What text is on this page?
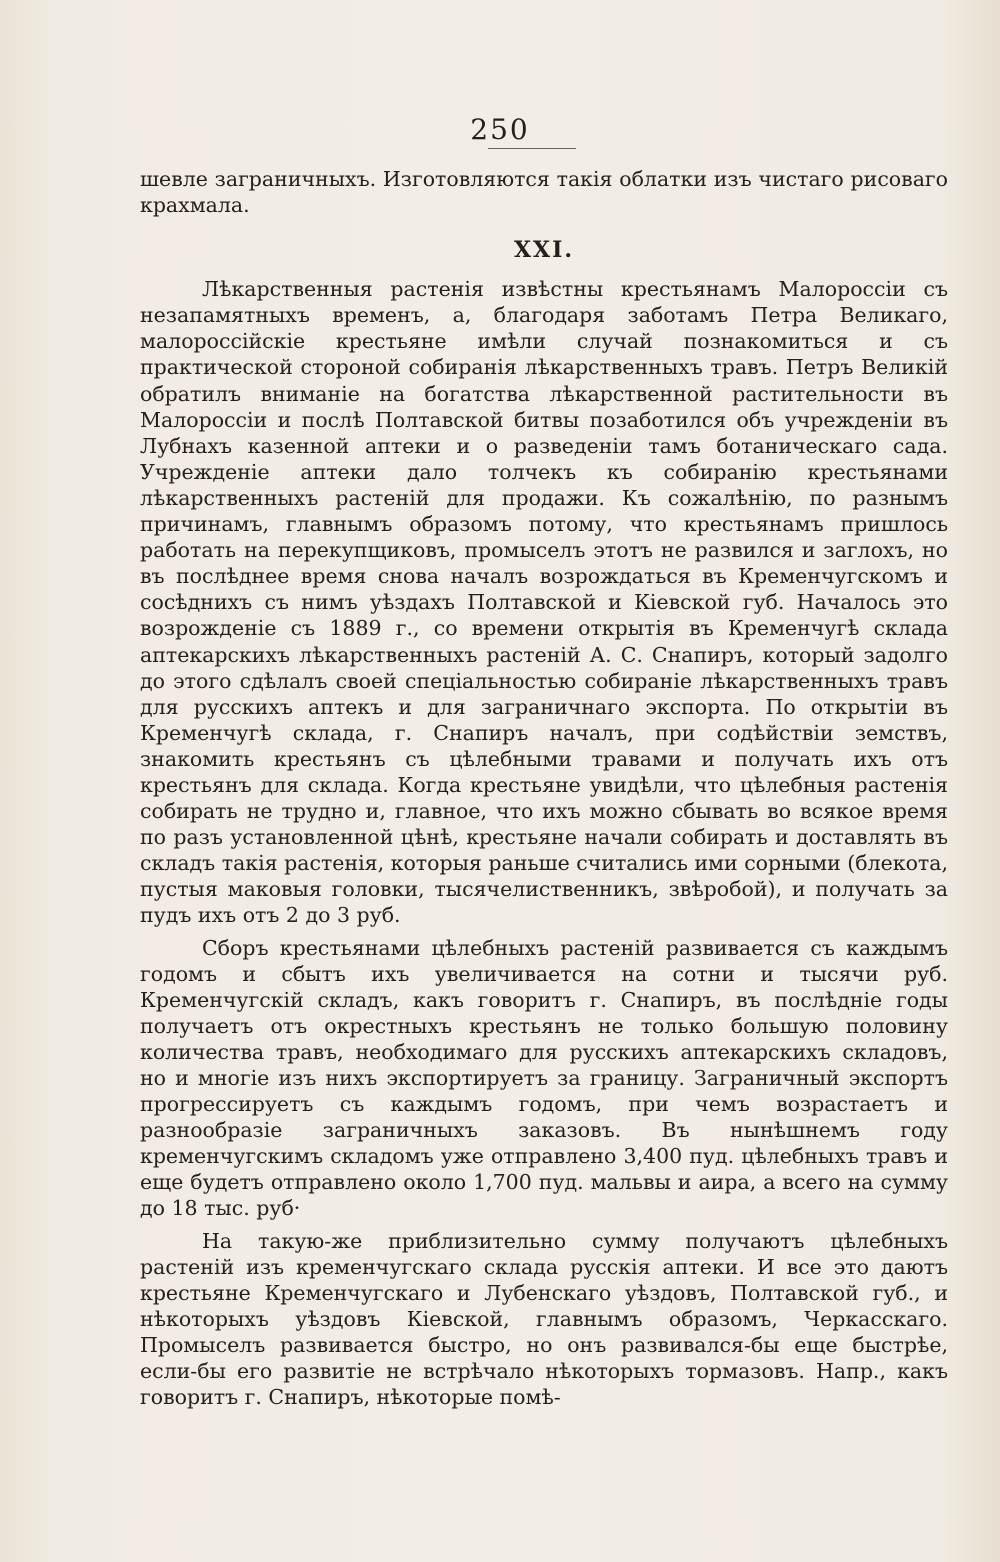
250

шевле заграничныхъ. Изготовляются такія облатки изъ чистаго рисоваго крахмала.

XXI.

Лѣкарственныя растенія извѣстны крестьянамъ Малороссіи съ незапамятныхъ временъ, а, благодаря заботамъ Петра Великаго, малороссійскіе крестьяне имѣли случай познакомиться и съ практической стороной собиранія лѣкарственныхъ травъ. Петръ Великій обратилъ вниманіе на богатства лѣкарственной растительности въ Малороссіи и послѣ Полтавской битвы позаботился объ учрежденіи въ Лубнахъ казенной аптеки и о разведеніи тамъ ботаническаго сада. Учрежденіе аптеки дало толчекъ къ собиранію крестьянами лѣкарственныхъ растеній для продажи. Къ сожалѣнію, по разнымъ причинамъ, главнымъ образомъ потому, что крестьянамъ пришлось работать на перекупщиковъ, промыселъ этотъ не развился и заглохъ, но въ послѣднее время снова началъ возрождаться въ Кременчугскомъ и сосѣднихъ съ нимъ уѣздахъ Полтавской и Кіевской губ. Началось это возрожденіе съ 1889 г., со времени открытія въ Кременчугѣ склада аптекарскихъ лѣкарственныхъ растеній А. С. Снапиръ, который задолго до этого сдѣлалъ своей спеціальностью собираніе лѣкарственныхъ травъ для русскихъ аптекъ и для заграничнаго экспорта. По открытіи въ Кременчугѣ склада, г. Снапиръ началъ, при содѣйствіи земствъ, знакомить крестьянъ съ цѣлебными травами и получать ихъ отъ крестьянъ для склада. Когда крестьяне увидѣли, что цѣлебныя растенія собирать не трудно и, главное, что ихъ можно сбывать во всякое время по разъ установленной цѣнѣ, крестьяне начали собирать и доставлять въ складъ такія растенія, которыя раньше считались ими сорными (блекота, пустыя маковыя головки, тысячелиственникъ, звѣробой), и получать за пудъ ихъ отъ 2 до 3 руб.

Сборъ крестьянами цѣлебныхъ растеній развивается съ каждымъ годомъ и сбытъ ихъ увеличивается на сотни и тысячи руб. Кременчугскій складъ, какъ говоритъ г. Снапиръ, въ послѣдніе годы получаетъ отъ окрестныхъ крестьянъ не только большую половину количества травъ, необходимаго для русскихъ аптекарскихъ складовъ, но и многіе изъ нихъ экспортируетъ за границу. Заграничный экспортъ прогрессируетъ съ каждымъ годомъ, при чемъ возрастаетъ и разнообразіе заграничныхъ заказовъ. Въ нынѣшнемъ году кременчугскимъ складомъ уже отправлено 3,400 пуд. цѣлебныхъ травъ и еще будетъ отправлено около 1,700 пуд. мальвы и аира, а всего на сумму до 18 тыс. руб·

На такую-же приблизительно сумму получаютъ цѣлебныхъ растеній изъ кременчугскаго склада русскія аптеки. И все это даютъ крестьяне Кременчугскаго и Лубенскаго уѣздовъ, Полтавской губ., и нѣкоторыхъ уѣздовъ Кіевской, главнымъ образомъ, Черкасскаго. Промыселъ развивается быстро, но онъ развивался-бы еще быстрѣе, если-бы его развитіе не встрѣчало нѣкоторыхъ тормазовъ. Напр., какъ говоритъ г. Снапиръ, нѣкоторые помѣ-
